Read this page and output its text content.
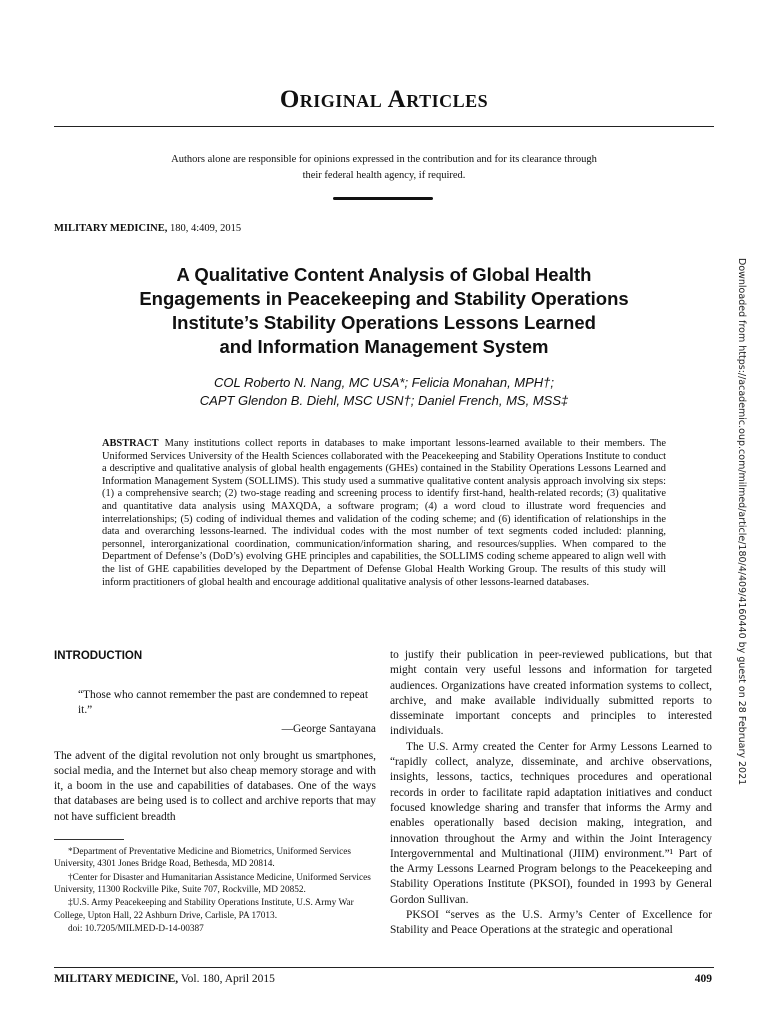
Original Articles
Authors alone are responsible for opinions expressed in the contribution and for its clearance through
their federal health agency, if required.
MILITARY MEDICINE, 180, 4:409, 2015
A Qualitative Content Analysis of Global Health
Engagements in Peacekeeping and Stability Operations
Institute’s Stability Operations Lessons Learned
and Information Management System
COL Roberto N. Nang, MC USA*; Felicia Monahan, MPH†;
CAPT Glendon B. Diehl, MSC USN†; Daniel French, MS, MSS‡
ABSTRACT Many institutions collect reports in databases to make important lessons-learned available to their members. The Uniformed Services University of the Health Sciences collaborated with the Peacekeeping and Stability Operations Institute to conduct a descriptive and qualitative analysis of global health engagements (GHEs) contained in the Stability Operations Lessons Learned and Information Management System (SOLLIMS). This study used a summative qualitative content analysis approach involving six steps: (1) a comprehensive search; (2) two-stage reading and screening process to identify first-hand, health-related records; (3) qualitative and quantitative data analysis using MAXQDA, a software program; (4) a word cloud to illustrate word frequencies and interrelationships; (5) coding of individual themes and validation of the coding scheme; and (6) identification of relationships in the data and overarching lessons-learned. The individual codes with the most number of text segments coded included: planning, personnel, interorganizational coordination, communication/information sharing, and resources/supplies. When compared to the Department of Defense’s (DoD’s) evolving GHE principles and capabilities, the SOLLIMS coding scheme appeared to align well with the list of GHE capabilities developed by the Department of Defense Global Health Working Group. The results of this study will inform practitioners of global health and encourage additional qualitative analysis of other lessons-learned databases.
INTRODUCTION
“Those who cannot remember the past are condemned to repeat it.”
—George Santayana
The advent of the digital revolution not only brought us smartphones, social media, and the Internet but also cheap memory storage and with it, a boom in the use and capabilities of databases. One of the ways that databases are being used is to collect and archive reports that may not have sufficient breadth

*Department of Preventative Medicine and Biometrics, Uniformed Services University, 4301 Jones Bridge Road, Bethesda, MD 20814.

†Center for Disaster and Humanitarian Assistance Medicine, Uniformed Services University, 11300 Rockville Pike, Suite 707, Rockville, MD 20852.

‡U.S. Army Peacekeeping and Stability Operations Institute, U.S. Army War College, Upton Hall, 22 Ashburn Drive, Carlisle, PA 17013.

doi: 10.7205/MILMED-D-14-00387

to justify their publication in peer-reviewed publications, but that might contain very useful lessons and information for targeted audiences. Organizations have created information systems to collect, archive, and make available individually submitted reports to disseminate important concepts and principles to interested individuals.
The U.S. Army created the Center for Army Lessons Learned to “rapidly collect, analyze, disseminate, and archive observations, insights, lessons, tactics, techniques procedures and operational records in order to facilitate rapid adaptation initiatives and conduct focused knowledge sharing and transfer that informs the Army and enables operationally based decision making, integration, and innovation throughout the Army and within the Joint Interagency Intergovernmental and Multinational (JIIM) environment.”¹ Part of the Army Lessons Learned Program belongs to the Peacekeeping and Stability Operations Institute (PKSOI), founded in 1993 by General Gordon Sullivan.
PKSOI “serves as the U.S. Army’s Center of Excellence for Stability and Peace Operations at the strategic and operational
Downloaded from https://academic.oup.com/milmed/article/180/4/409/4160440 by guest on 28 February 2021
MILITARY MEDICINE, Vol. 180, April 2015	409
